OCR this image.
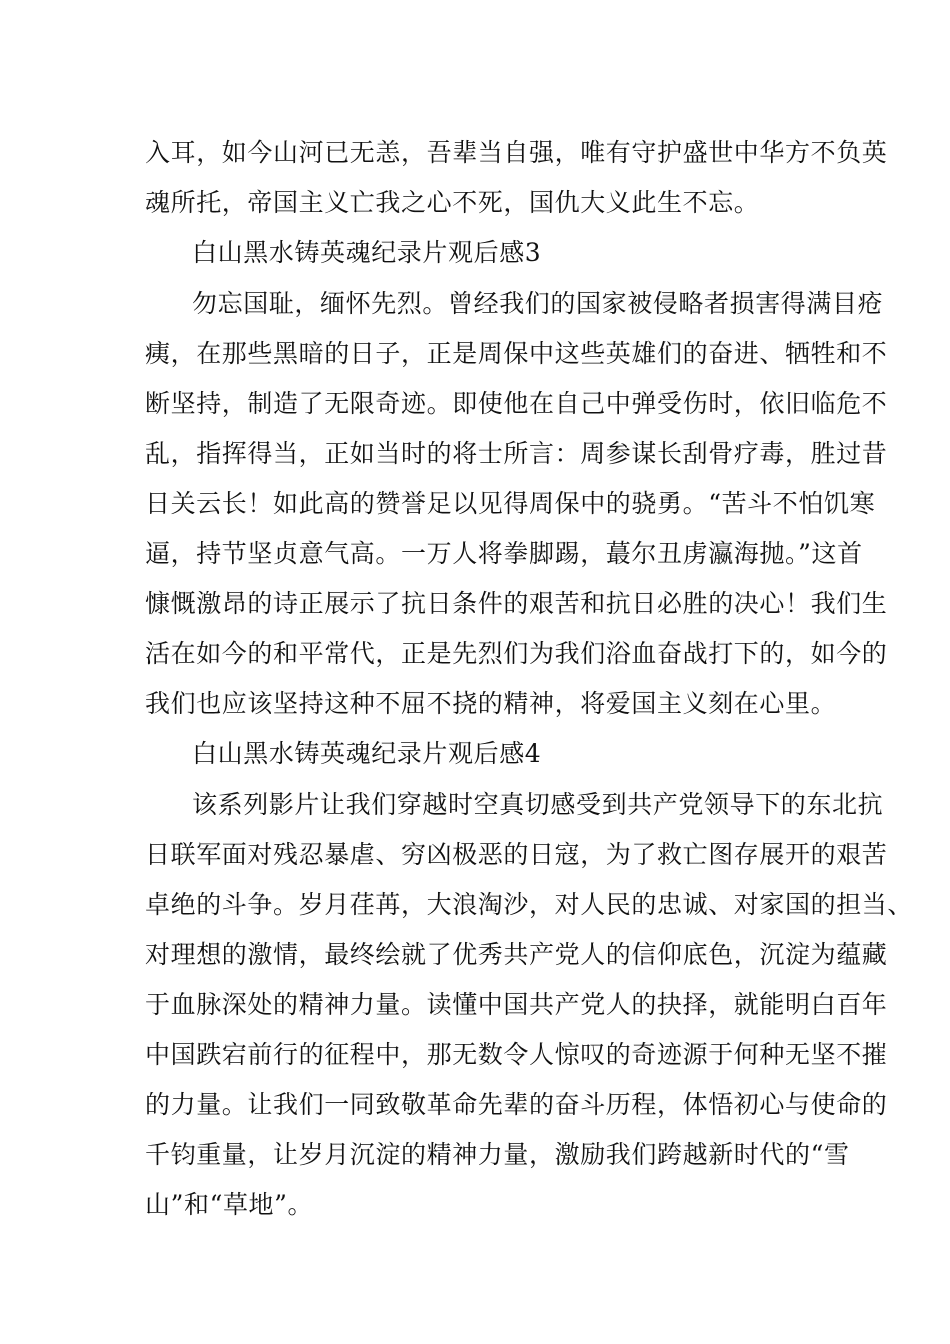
入耳，如今山河已无恙，吾辈当自强，唯有守护盛世中华方不负英
魂所托，帝国主义亡我之心不死，国仇大义此生不忘。
白山黑水铸英魂纪录片观后感3
勿忘国耻，缅怀先烈。曾经我们的国家被侵略者损害得满目疮
痍，在那些黑暗的日子，正是周保中这些英雄们的奋进、牺牲和不
断坚持，制造了无限奇迹。即使他在自己中弹受伤时，依旧临危不
乱，指挥得当，正如当时的将士所言：周参谋长刮骨疗毒，胜过昔
日关云长！如此高的赞誉足以见得周保中的骁勇。“苦斗不怕饥寒
逼，持节坚贞意气高。一万人将拳脚踢，蕞尔丑虏瀛海抛。”这首
慷慨激昂的诗正展示了抗日条件的艰苦和抗日必胜的决心！我们生
活在如今的和平常代，正是先烈们为我们浴血奋战打下的，如今的
我们也应该坚持这种不屈不挠的精神，将爱国主义刻在心里。
白山黑水铸英魂纪录片观后感4
该系列影片让我们穿越时空真切感受到共产党领导下的东北抗
日联军面对残忍暴虐、穷凶极恶的日寇，为了救亡图存展开的艰苦
卓绝的斗争。岁月荏苒，大浪淘沙，对人民的忠诚、对家国的担当、
对理想的激情，最终绘就了优秀共产党人的信仰底色，沉淀为蕴藏
于血脉深处的精神力量。读懂中国共产党人的抉择，就能明白百年
中国跌宕前行的征程中，那无数令人惊叹的奇迹源于何种无坚不摧
的力量。让我们一同致敬革命先辈的奋斗历程，体悟初心与使命的
千钧重量，让岁月沉淀的精神力量，激励我们跨越新时代的“雪
山”和“草地”。
